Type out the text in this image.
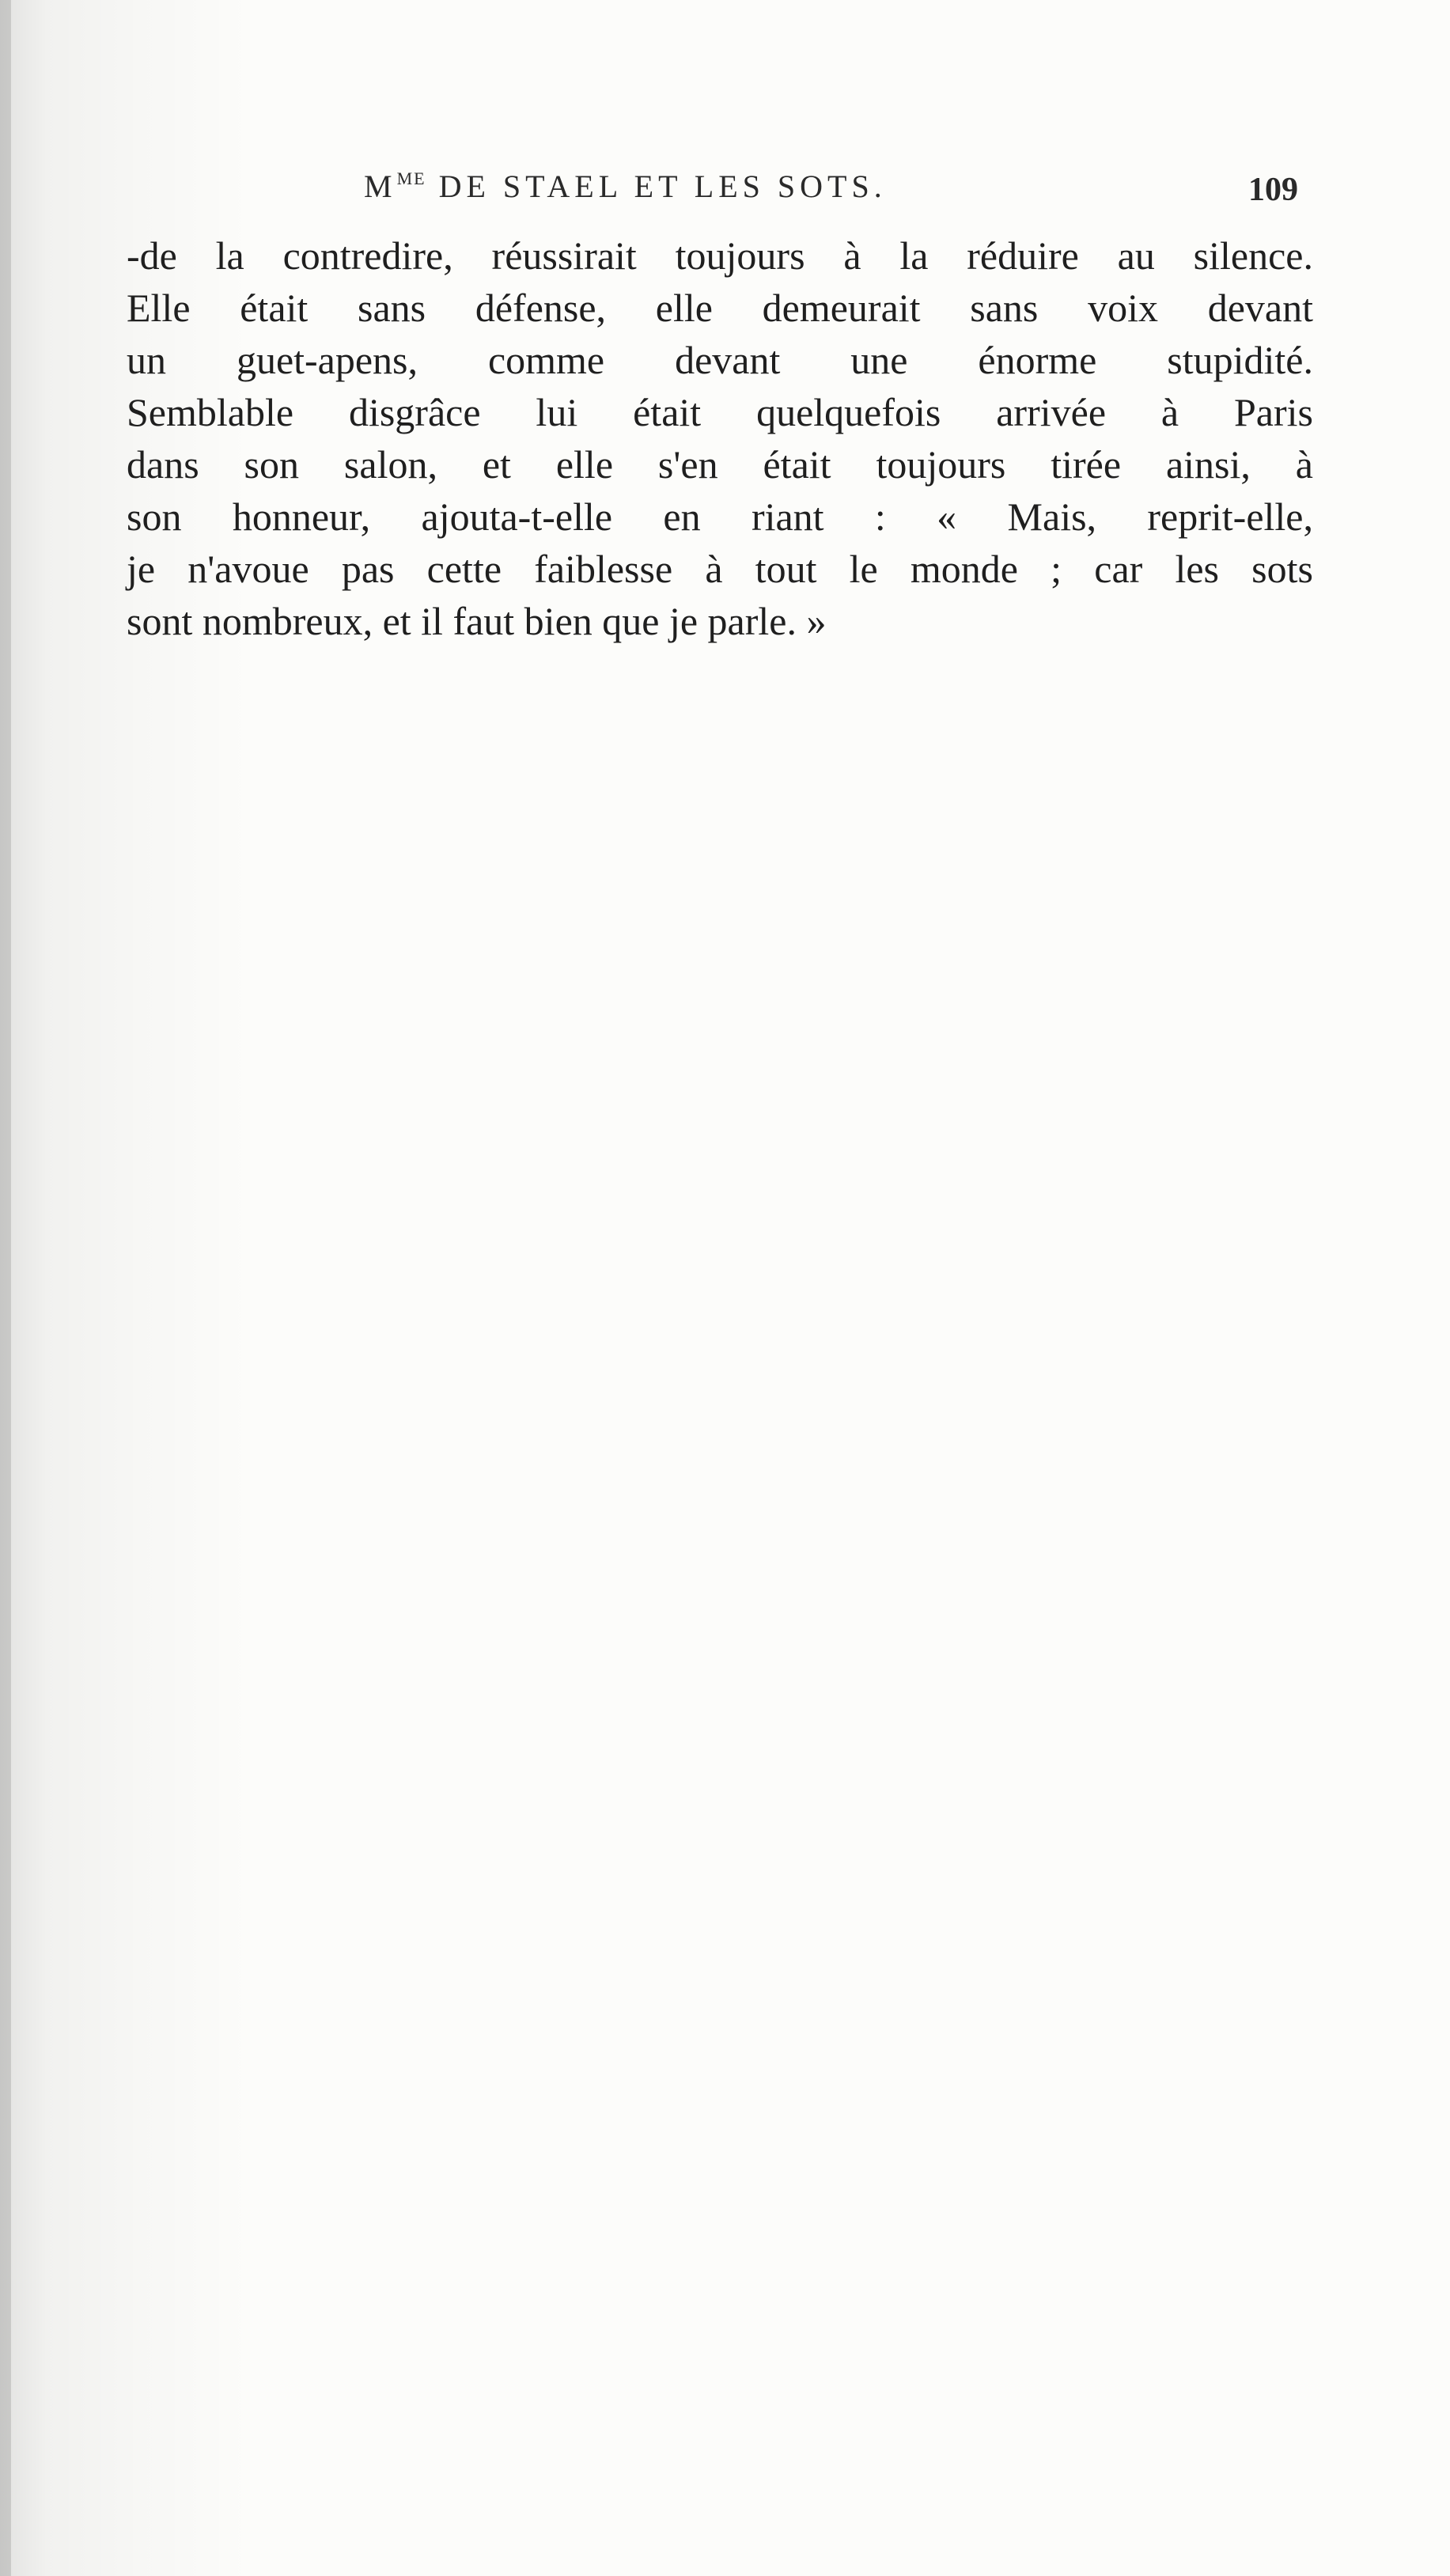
$M^{ME}$ DE STAEL ET LES SOTS.	109
-de la contredire, réussirait toujours à la réduire au silence.
Elle était sans défense, elle demeurait sans voix devant
un guet-apens, comme devant une énorme stupidité.
Semblable disgrâce lui était quelquefois arrivée à Paris
dans son salon, et elle s'en était toujours tirée ainsi, à
son honneur, ajouta-t-elle en riant : « Mais, reprit-elle,
je n'avoue pas cette faiblesse à tout le monde ; car les sots
sont nombreux, et il faut bien que je parle. »
